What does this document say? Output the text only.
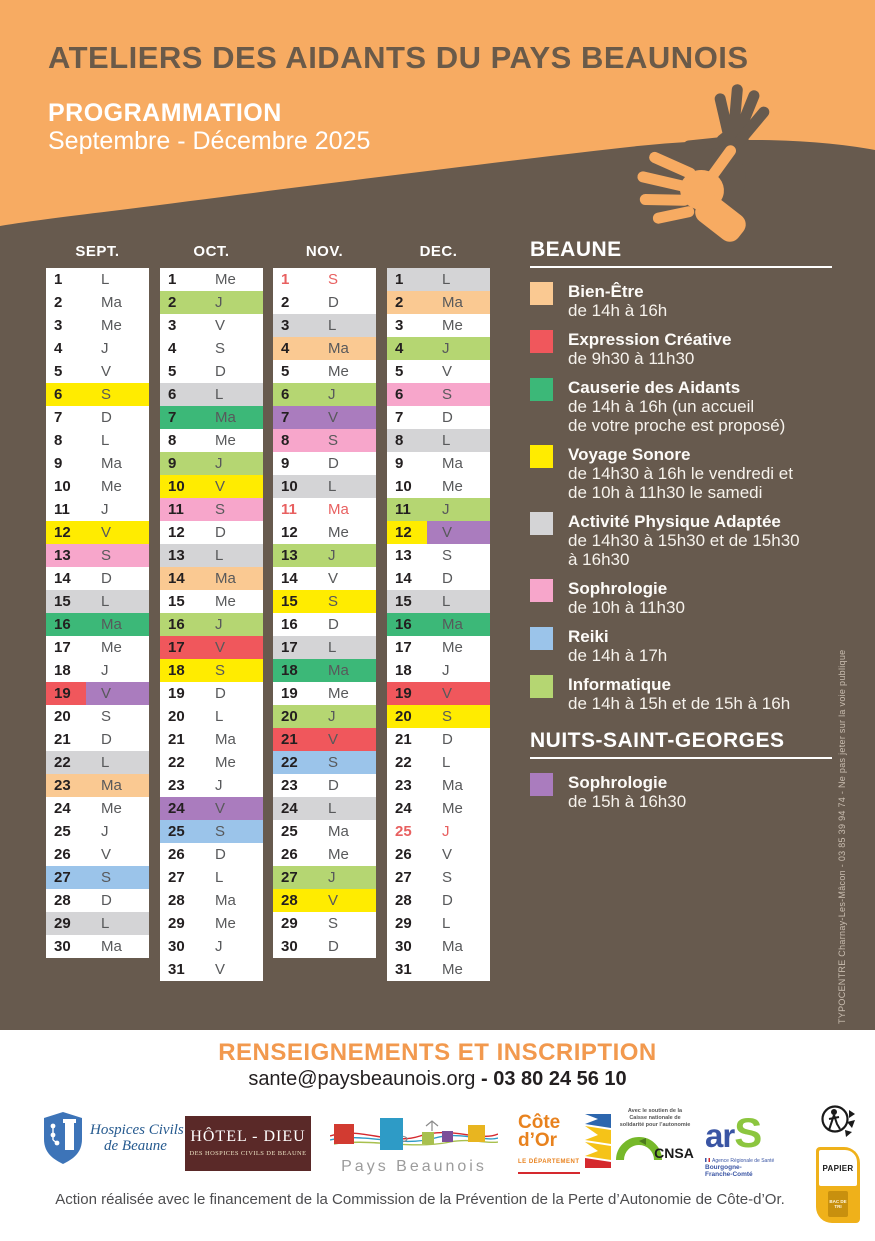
ATELIERS DES AIDANTS DU PAYS BEAUNOIS
PROGRAMMATION
Septembre - Décembre 2025
SEPT.
1	L
2	Ma
3	Me
4	J
5	V
6	S
7	D
8	L
9	Ma
10	Me
11	J
12	V
13	S
14	D
15	L
16	Ma
17	Me
18	J
19	V
20	S
21	D
22	L
23	Ma
24	Me
25	J
26	V
27	S
28	D
29	L
30	Ma
OCT.
1	Me
2	J
3	V
4	S
5	D
6	L
7	Ma
8	Me
9	J
10	V
11	S
12	D
13	L
14	Ma
15	Me
16	J
17	V
18	S
19	D
20	L
21	Ma
22	Me
23	J
24	V
25	S
26	D
27	L
28	Ma
29	Me
30	J
31	V
NOV.
1	S
2	D
3	L
4	Ma
5	Me
6	J
7	V
8	S
9	D
10	L
11	Ma
12	Me
13	J
14	V
15	S
16	D
17	L
18	Ma
19	Me
20	J
21	V
22	S
23	D
24	L
25	Ma
26	Me
27	J
28	V
29	S
30	D
DEC.
1	L
2	Ma
3	Me
4	J
5	V
6	S
7	D
8	L
9	Ma
10	Me
11	J
12	V
13	S
14	D
15	L
16	Ma
17	Me
18	J
19	V
20	S
21	D
22	L
23	Ma
24	Me
25	J
26	V
27	S
28	D
29	L
30	Ma
31	Me
BEAUNE
Bien-Être
de 14h à 16h
Expression Créative
de 9h30 à 11h30
Causerie des Aidants
de 14h à 16h (un accueil
de votre proche est proposé)
Voyage Sonore
de 14h30 à 16h le vendredi et
de 10h à 11h30 le samedi
Activité Physique Adaptée
de 14h30 à 15h30 et de 15h30
à 16h30
Sophrologie
de 10h à 11h30
Reiki
de 14h à 17h
Informatique
de 14h à 15h et de 15h à 16h
NUITS-SAINT-GEORGES
Sophrologie
de 15h à 16h30	TYPOCENTRE Charnay-Les-Mâcon - 03 85 39 94 74 - Ne pas jeter sur la voie publique
RENSEIGNEMENTS ET INSCRIPTION
sante@paysbeaunois.org - 03 80 24 56 10
Hospices Civils
de Beaune
HÔTEL - DIEU
DES HOSPICES CIVILS DE BEAUNE
Pays Beaunois
Côte
d’Or
LE DÉPARTEMENT
Avec le soutien de la
Caisse nationale de
solidarité pour l’autonomie
CNSA arS
Agence Régionale de Santé
Bourgogne-
Franche-Comté
PAPIER
BAC DE TRI
Action réalisée avec le financement de la Commission de la Prévention de la Perte d’Autonomie de Côte-d’Or.
